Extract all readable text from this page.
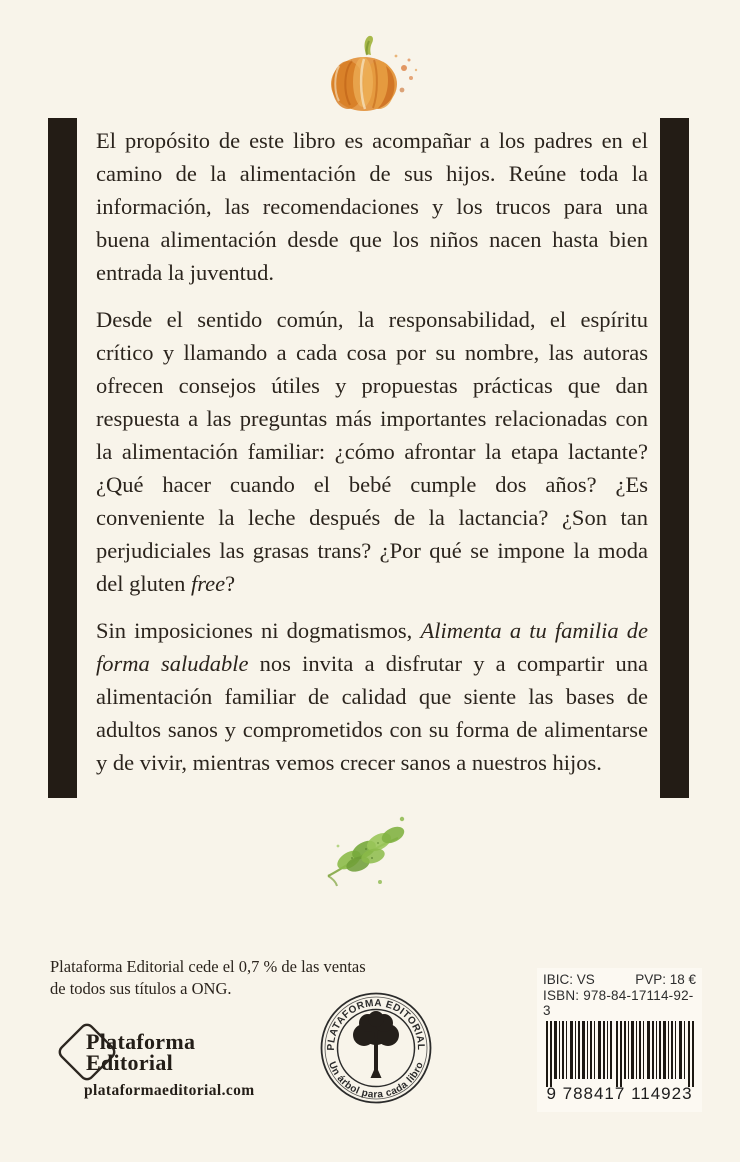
El propósito de este libro es acompañar a los padres en el camino de la alimentación de sus hijos. Reúne toda la información, las recomendaciones y los trucos para una buena alimentación desde que los niños nacen hasta bien entrada la juventud.

Desde el sentido común, la responsabilidad, el espíritu crítico y llamando a cada cosa por su nombre, las autoras ofrecen consejos útiles y propuestas prácticas que dan respuesta a las preguntas más importantes relacionadas con la alimentación familiar: ¿cómo afrontar la etapa lactante? ¿Qué hacer cuando el bebé cumple dos años? ¿Es conveniente la leche después de la lactancia? ¿Son tan perjudiciales las grasas trans? ¿Por qué se impone la moda del gluten free?

Sin imposiciones ni dogmatismos, Alimenta a tu familia de forma saludable nos invita a disfrutar y a compartir una alimentación familiar de calidad que siente las bases de adultos sanos y comprometidos con su forma de alimentarse y de vivir, mientras vemos crecer sanos a nuestros hijos.

Plataforma Editorial cede el 0,7 % de las ventas
de todos sus títulos a ONG.
Plataforma
Editorial
plataformaeditorial.com
PLATAFORMA EDITORIAL
Un árbol para cada libro
IBIC: VS	PVP: 18 €
ISBN: 978-84-17114-92-3
9 788417 114923
